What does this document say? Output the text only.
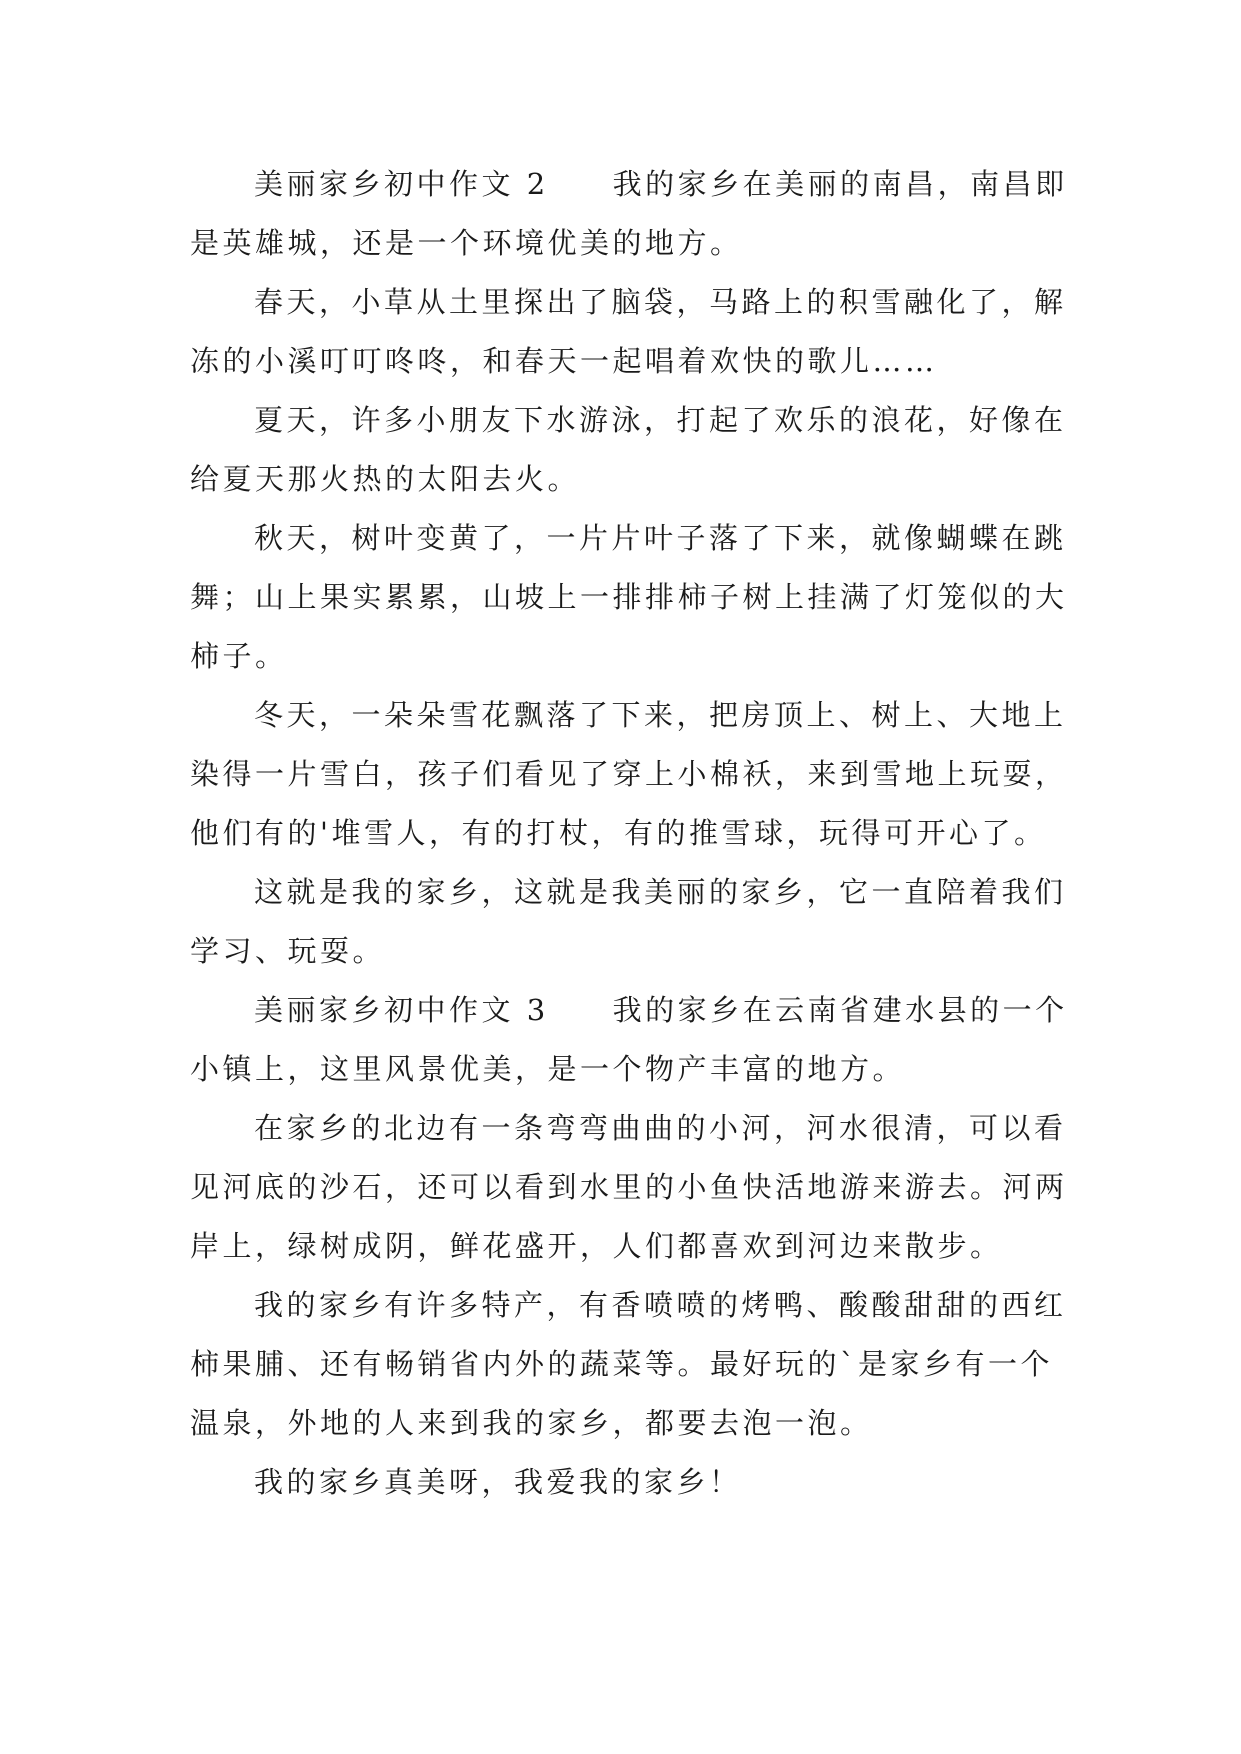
美丽家乡初中作文 2 我的家乡在美丽的南昌，南昌即是英雄城，还是一个环境优美的地方。

春天，小草从土里探出了脑袋，马路上的积雪融化了，解冻的小溪叮叮咚咚，和春天一起唱着欢快的歌儿……

夏天，许多小朋友下水游泳，打起了欢乐的浪花，好像在给夏天那火热的太阳去火。

秋天，树叶变黄了，一片片叶子落了下来，就像蝴蝶在跳舞；山上果实累累，山坡上一排排柿子树上挂满了灯笼似的大柿子。

冬天，一朵朵雪花飘落了下来，把房顶上、树上、大地上染得一片雪白，孩子们看见了穿上小棉袄，来到雪地上玩耍，他们有的'堆雪人，有的打杖，有的推雪球，玩得可开心了。

这就是我的家乡，这就是我美丽的家乡，它一直陪着我们学习、玩耍。

美丽家乡初中作文 3 我的家乡在云南省建水县的一个小镇上，这里风景优美，是一个物产丰富的地方。

在家乡的北边有一条弯弯曲曲的小河，河水很清，可以看见河底的沙石，还可以看到水里的小鱼快活地游来游去。河两岸上，绿树成阴，鲜花盛开，人们都喜欢到河边来散步。

我的家乡有许多特产，有香喷喷的烤鸭、酸酸甜甜的西红柿果脯、还有畅销省内外的蔬菜等。最好玩的`是家乡有一个温泉，外地的人来到我的家乡，都要去泡一泡。

我的家乡真美呀，我爱我的家乡！
